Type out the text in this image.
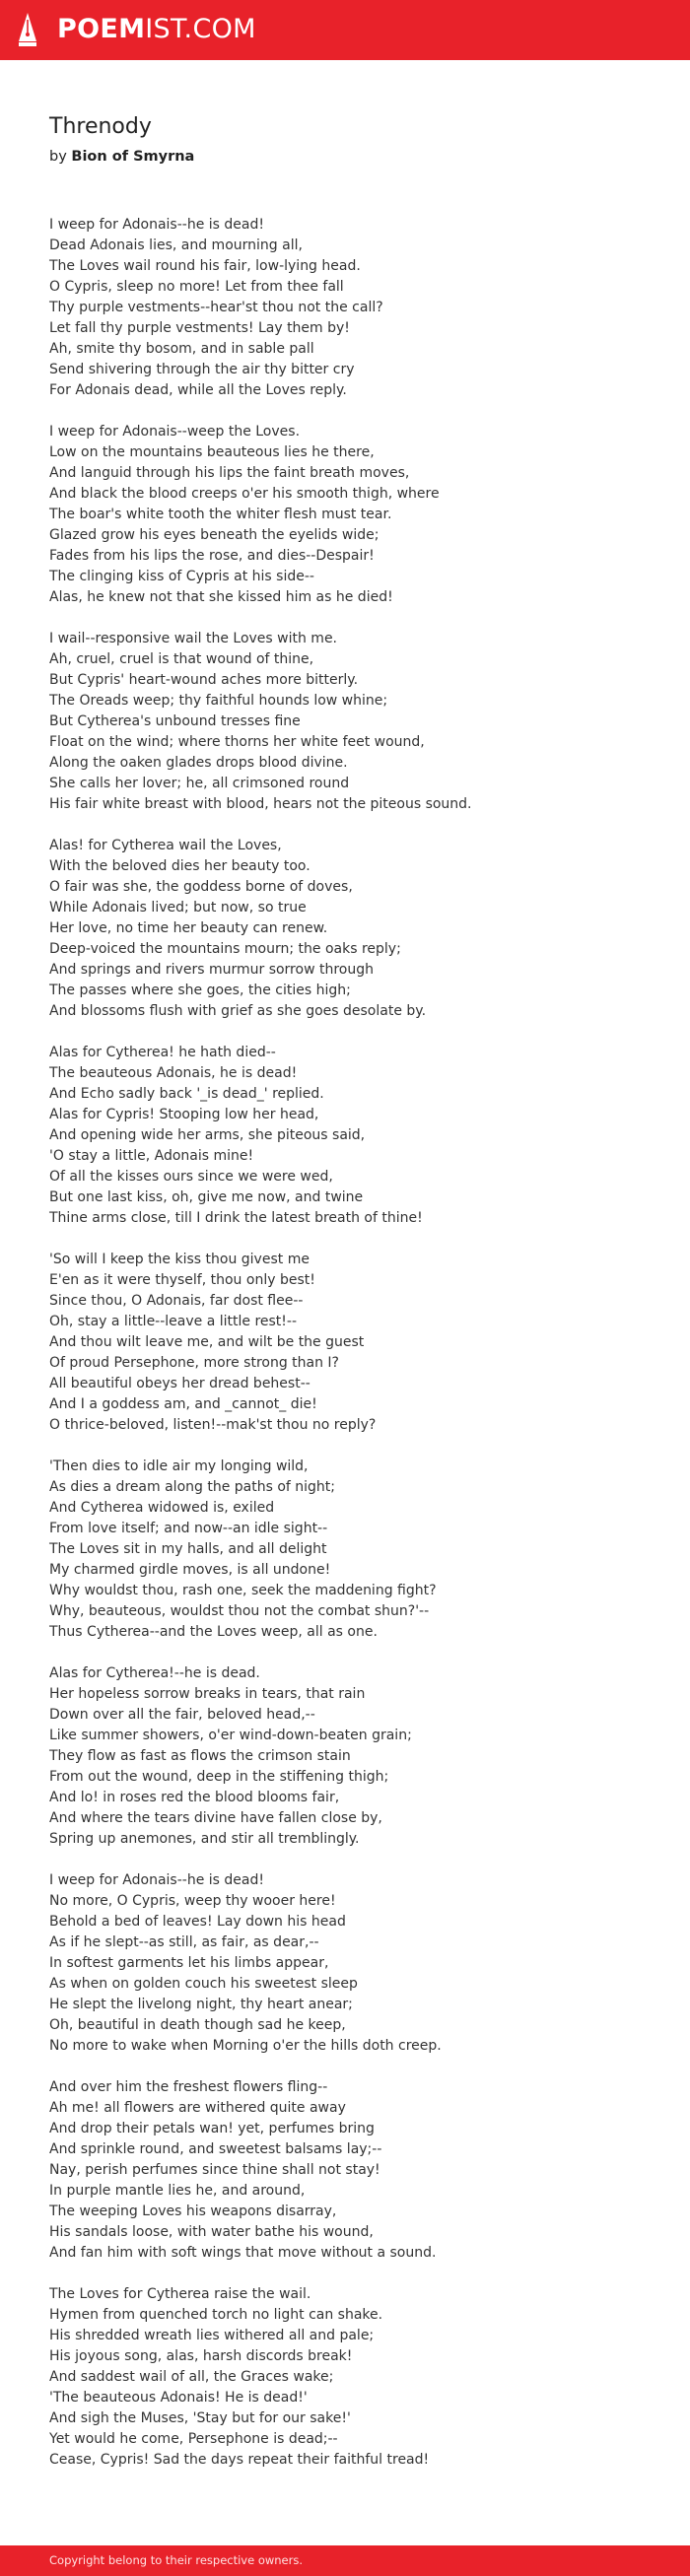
POEMIST.COM
Threnody
by Bion of Smyrna
I weep for Adonais--he is dead!
Dead Adonais lies, and mourning all,
The Loves wail round his fair, low-lying head.
O Cypris, sleep no more! Let from thee fall
Thy purple vestments--hear'st thou not the call?
Let fall thy purple vestments! Lay them by!
Ah, smite thy bosom, and in sable pall
Send shivering through the air thy bitter cry
For Adonais dead, while all the Loves reply.
I weep for Adonais--weep the Loves.
Low on the mountains beauteous lies he there,
And languid through his lips the faint breath moves,
And black the blood creeps o'er his smooth thigh, where
The boar's white tooth the whiter flesh must tear.
Glazed grow his eyes beneath the eyelids wide;
Fades from his lips the rose, and dies--Despair!
The clinging kiss of Cypris at his side--
Alas, he knew not that she kissed him as he died!
I wail--responsive wail the Loves with me.
Ah, cruel, cruel is that wound of thine,
But Cypris' heart-wound aches more bitterly.
The Oreads weep; thy faithful hounds low whine;
But Cytherea's unbound tresses fine
Float on the wind; where thorns her white feet wound,
Along the oaken glades drops blood divine.
She calls her lover; he, all crimsoned round
His fair white breast with blood, hears not the piteous sound.
Alas! for Cytherea wail the Loves,
With the beloved dies her beauty too.
O fair was she, the goddess borne of doves,
While Adonais lived; but now, so true
Her love, no time her beauty can renew.
Deep-voiced the mountains mourn; the oaks reply;
And springs and rivers murmur sorrow through
The passes where she goes, the cities high;
And blossoms flush with grief as she goes desolate by.
Alas for Cytherea! he hath died--
The beauteous Adonais, he is dead!
And Echo sadly back '_is dead_' replied.
Alas for Cypris! Stooping low her head,
And opening wide her arms, she piteous said,
'O stay a little, Adonais mine!
Of all the kisses ours since we were wed,
But one last kiss, oh, give me now, and twine
Thine arms close, till I drink the latest breath of thine!
'So will I keep the kiss thou givest me
E'en as it were thyself, thou only best!
Since thou, O Adonais, far dost flee--
Oh, stay a little--leave a little rest!--
And thou wilt leave me, and wilt be the guest
Of proud Persephone, more strong than I?
All beautiful obeys her dread behest--
And I a goddess am, and _cannot_ die!
O thrice-beloved, listen!--mak'st thou no reply?
'Then dies to idle air my longing wild,
As dies a dream along the paths of night;
And Cytherea widowed is, exiled
From love itself; and now--an idle sight--
The Loves sit in my halls, and all delight
My charmed girdle moves, is all undone!
Why wouldst thou, rash one, seek the maddening fight?
Why, beauteous, wouldst thou not the combat shun?'--
Thus Cytherea--and the Loves weep, all as one.
Alas for Cytherea!--he is dead.
Her hopeless sorrow breaks in tears, that rain
Down over all the fair, beloved head,--
Like summer showers, o'er wind-down-beaten grain;
They flow as fast as flows the crimson stain
From out the wound, deep in the stiffening thigh;
And lo! in roses red the blood blooms fair,
And where the tears divine have fallen close by,
Spring up anemones, and stir all tremblingly.
I weep for Adonais--he is dead!
No more, O Cypris, weep thy wooer here!
Behold a bed of leaves! Lay down his head
As if he slept--as still, as fair, as dear,--
In softest garments let his limbs appear,
As when on golden couch his sweetest sleep
He slept the livelong night, thy heart anear;
Oh, beautiful in death though sad he keep,
No more to wake when Morning o'er the hills doth creep.
And over him the freshest flowers fling--
Ah me! all flowers are withered quite away
And drop their petals wan! yet, perfumes bring
And sprinkle round, and sweetest balsams lay;--
Nay, perish perfumes since thine shall not stay!
In purple mantle lies he, and around,
The weeping Loves his weapons disarray,
His sandals loose, with water bathe his wound,
And fan him with soft wings that move without a sound.
The Loves for Cytherea raise the wail.
Hymen from quenched torch no light can shake.
His shredded wreath lies withered all and pale;
His joyous song, alas, harsh discords break!
And saddest wail of all, the Graces wake;
'The beauteous Adonais! He is dead!'
And sigh the Muses, 'Stay but for our sake!'
Yet would he come, Persephone is dead;--
Cease, Cypris! Sad the days repeat their faithful tread!
Copyright belong to their respective owners.
